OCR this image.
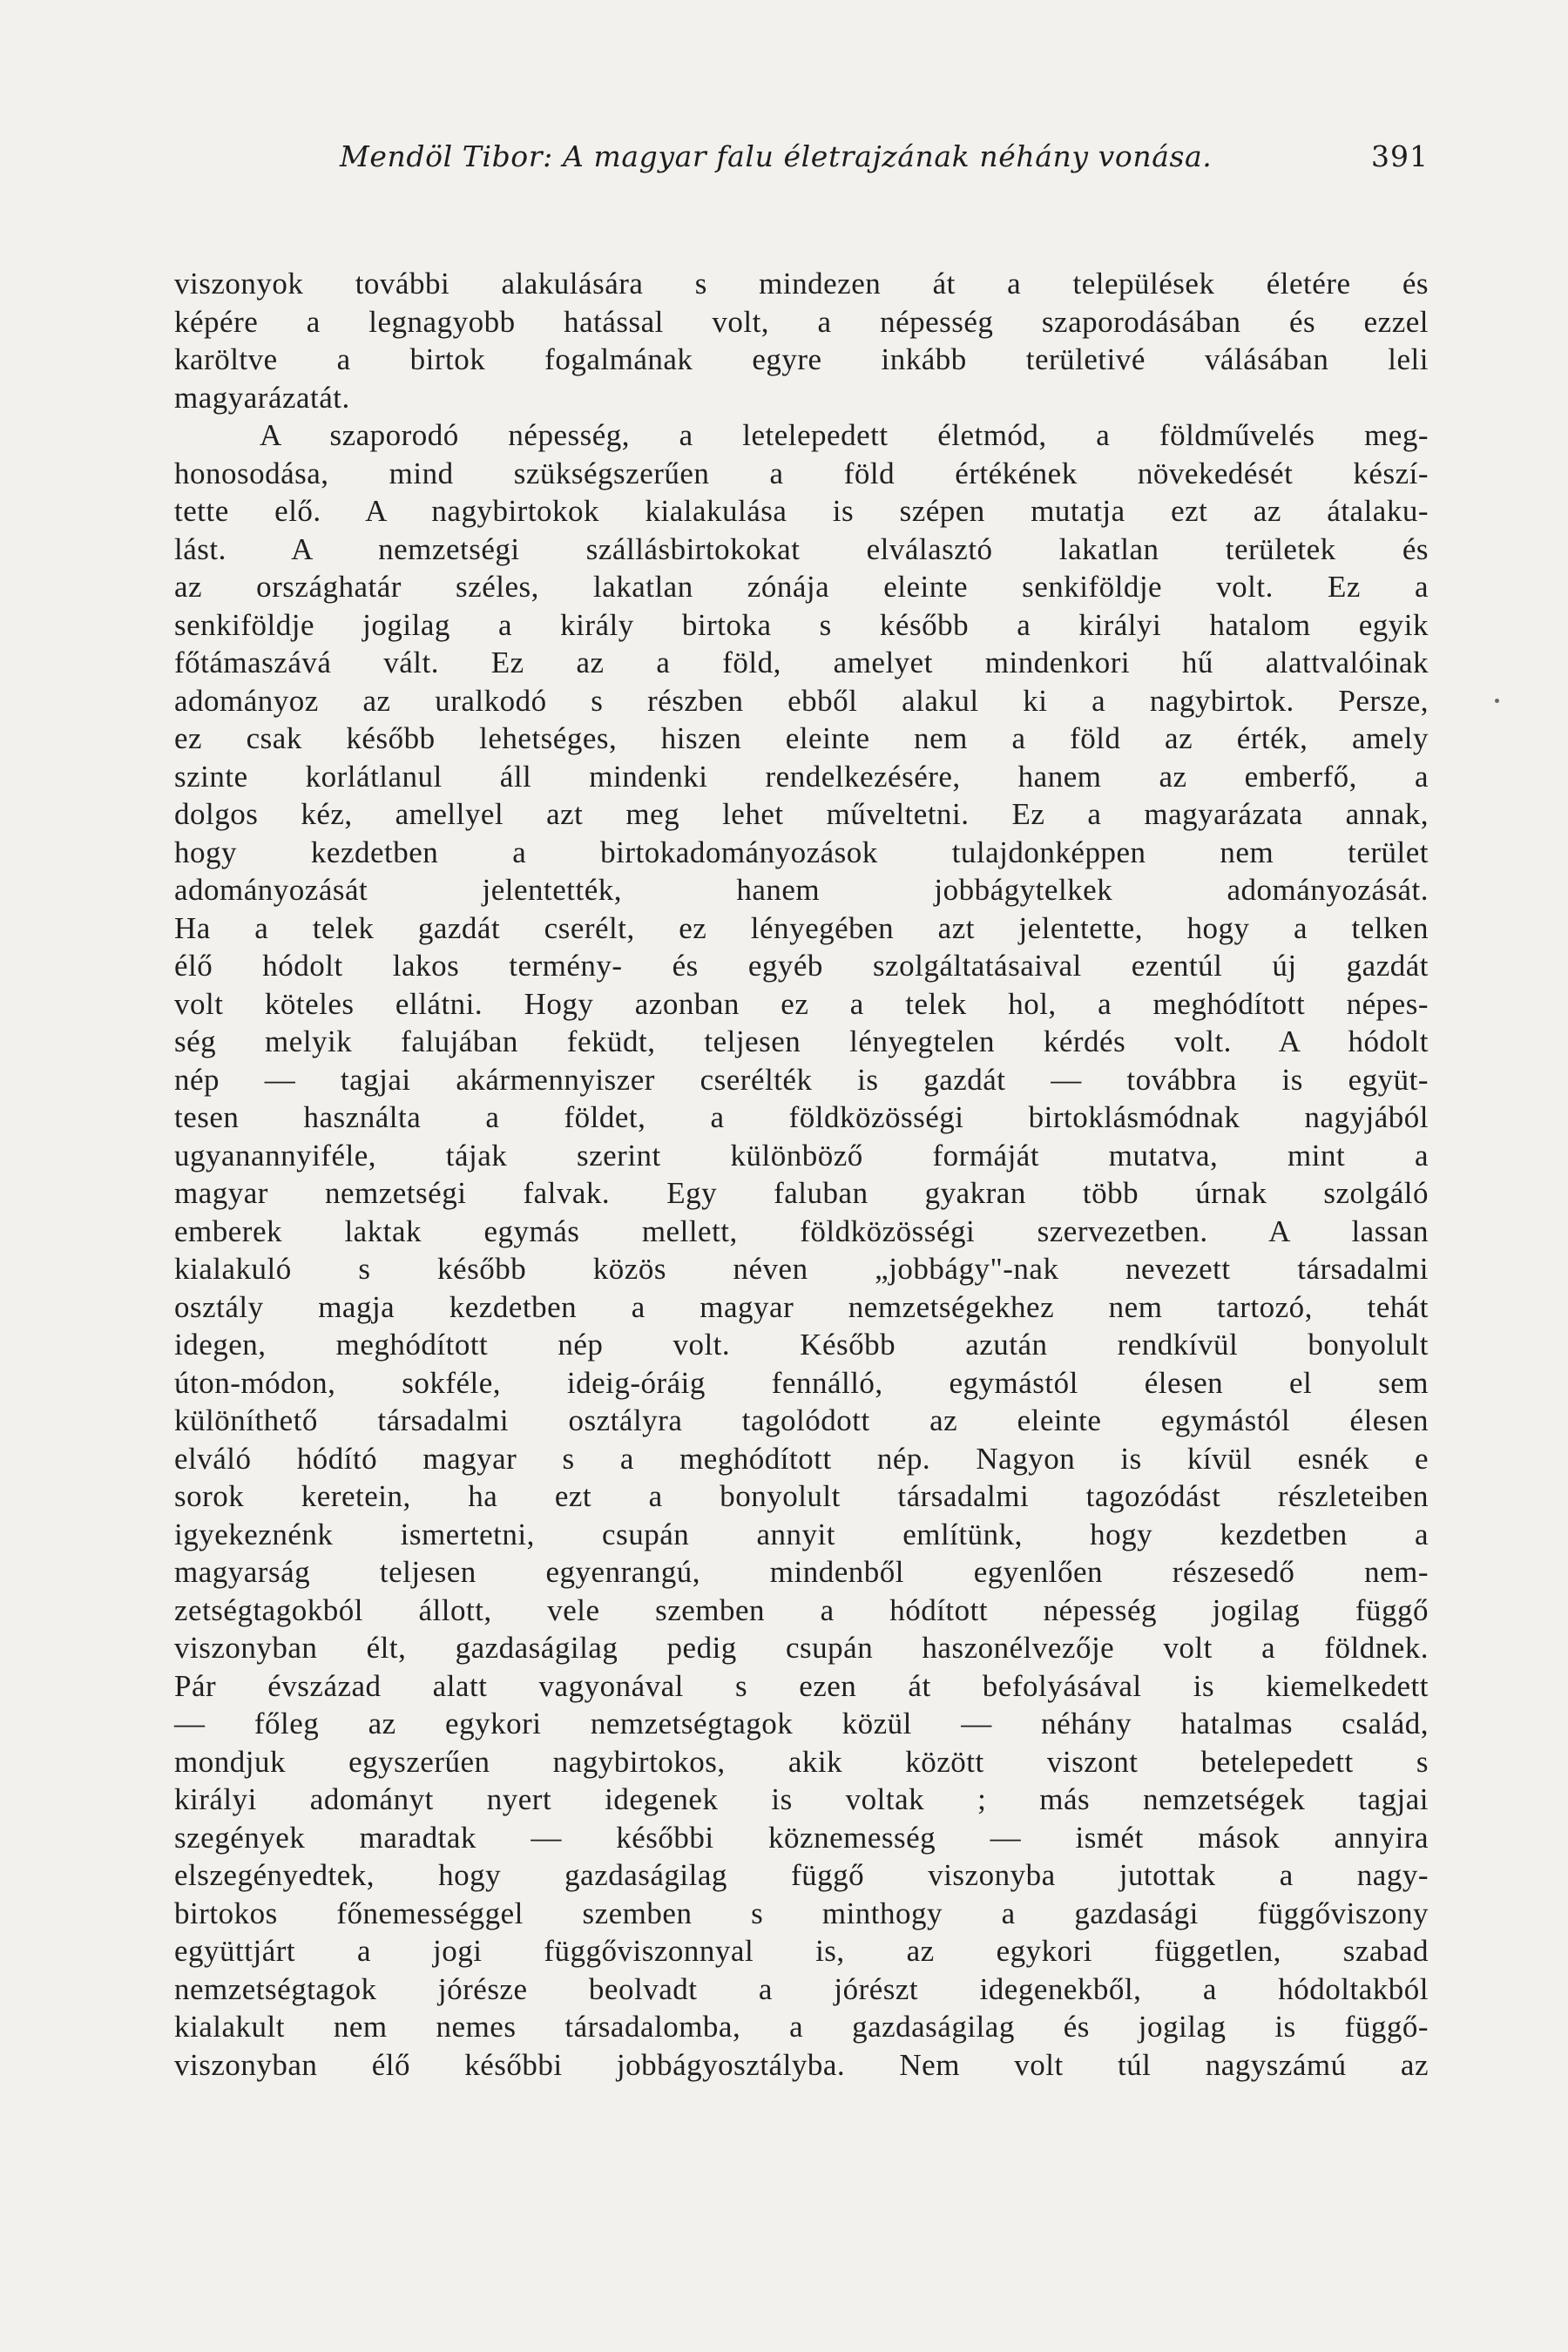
Mendöl Tibor: A magyar falu életrajzának néhány vonása.	391
viszonyok további alakulására s mindezen át a települések életére és
képére a legnagyobb hatással volt, a népesség szaporodásában és ezzel
karöltve a birtok fogalmának egyre inkább területivé válásában leli
magyarázatát.
A szaporodó népesség, a letelepedett életmód, a földművelés meg-
honosodása, mind szükségszerűen a föld értékének növekedését készí-
tette elő. A nagybirtokok kialakulása is szépen mutatja ezt az átalaku-
lást. A nemzetségi szállásbirtokokat elválasztó lakatlan területek és
az országhatár széles, lakatlan zónája eleinte senkiföldje volt. Ez a
senkiföldje jogilag a király birtoka s később a királyi hatalom egyik
főtámaszává vált. Ez az a föld, amelyet mindenkori hű alattvalóinak
adományoz az uralkodó s részben ebből alakul ki a nagybirtok. Persze,
ez csak később lehetséges, hiszen eleinte nem a föld az érték, amely
szinte korlátlanul áll mindenki rendelkezésére, hanem az emberfő, a
dolgos kéz, amellyel azt meg lehet műveltetni. Ez a magyarázata annak,
hogy kezdetben a birtokadományozások tulajdonképpen nem terület
adományozását jelentették, hanem jobbágytelkek adományozását.
Ha a telek gazdát cserélt, ez lényegében azt jelentette, hogy a telken
élő hódolt lakos termény- és egyéb szolgáltatásaival ezentúl új gazdát
volt köteles ellátni. Hogy azonban ez a telek hol, a meghódított népes-
ség melyik falujában feküdt, teljesen lényegtelen kérdés volt. A hódolt
nép — tagjai akármennyiszer cserélték is gazdát — továbbra is együt-
tesen használta a földet, a földközösségi birtoklásmódnak nagyjából
ugyanannyiféle, tájak szerint különböző formáját mutatva, mint a
magyar nemzetségi falvak. Egy faluban gyakran több úrnak szolgáló
emberek laktak egymás mellett, földközösségi szervezetben. A lassan
kialakuló s később közös néven „jobbágy"-nak nevezett társadalmi
osztály magja kezdetben a magyar nemzetségekhez nem tartozó, tehát
idegen, meghódított nép volt. Később azután rendkívül bonyolult
úton-módon, sokféle, ideig-óráig fennálló, egymástól élesen el sem
különíthető társadalmi osztályra tagolódott az eleinte egymástól élesen
elváló hódító magyar s a meghódított nép. Nagyon is kívül esnék e
sorok keretein, ha ezt a bonyolult társadalmi tagozódást részleteiben
igyekeznénk ismertetni, csupán annyit említünk, hogy kezdetben a
magyarság teljesen egyenrangú, mindenből egyenlően részesedő nem-
zetségtagokból állott, vele szemben a hódított népesség jogilag függő
viszonyban élt, gazdaságilag pedig csupán haszonélvezője volt a földnek.
Pár évszázad alatt vagyonával s ezen át befolyásával is kiemelkedett
— főleg az egykori nemzetségtagok közül — néhány hatalmas család,
mondjuk egyszerűen nagybirtokos, akik között viszont betelepedett s
királyi adományt nyert idegenek is voltak ; más nemzetségek tagjai
szegények maradtak — későbbi köznemesség — ismét mások annyira
elszegényedtek, hogy gazdaságilag függő viszonyba jutottak a nagy-
birtokos főnemességgel szemben s minthogy a gazdasági függőviszony
együttjárt a jogi függőviszonnyal is, az egykori független, szabad
nemzetségtagok jórésze beolvadt a jórészt idegenekből, a hódoltakból
kialakult nem nemes társadalomba, a gazdaságilag és jogilag is függő-
viszonyban élő későbbi jobbágyosztályba. Nem volt túl nagyszámú az
